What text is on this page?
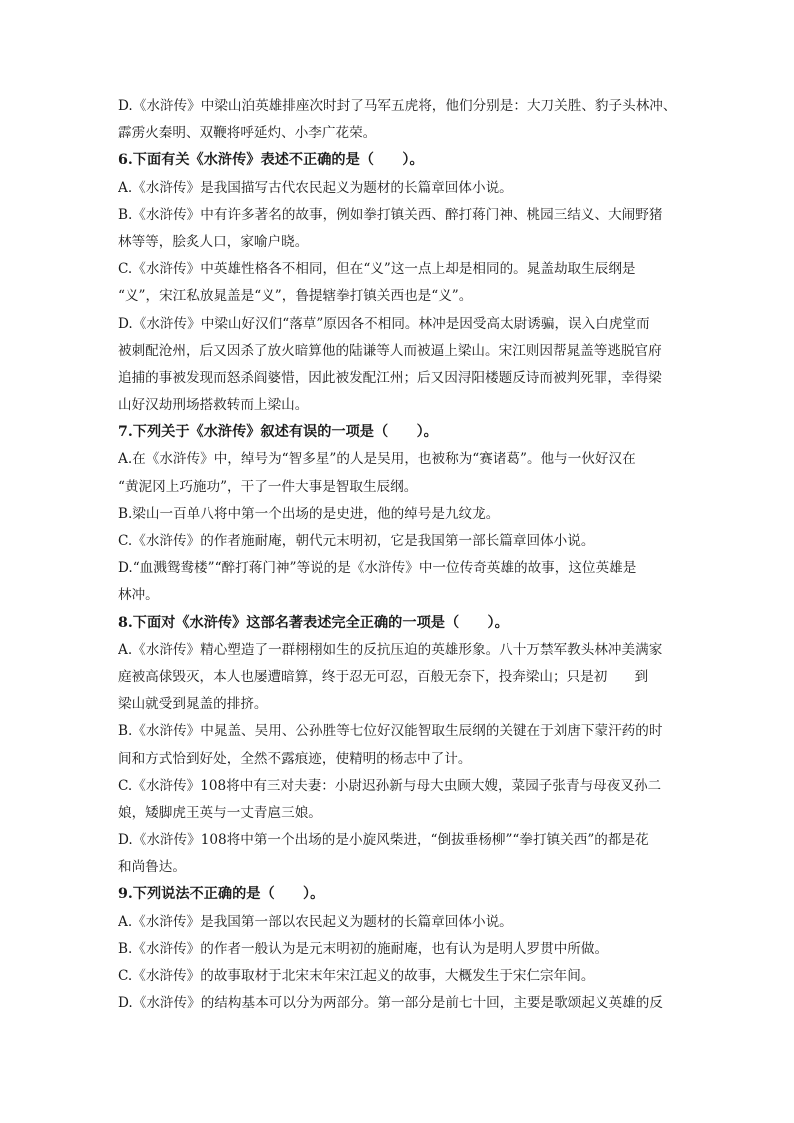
D.《水浒传》中梁山泊英雄排座次时封了马军五虎将，他们分别是：大刀关胜、豹子头林冲、
霹雳火秦明、双鞭将呼延灼、小李广花荣。
6.下面有关《水浒传》表述不正确的是（　　）。
A.《水浒传》是我国描写古代农民起义为题材的长篇章回体小说。
B.《水浒传》中有许多著名的故事，例如拳打镇关西、醉打蒋门神、桃园三结义、大闹野猪
林等等，脍炙人口，家喻户晓。
C.《水浒传》中英雄性格各不相同，但在“义”这一点上却是相同的。晁盖劫取生辰纲是
“义”，宋江私放晁盖是“义”，鲁提辖拳打镇关西也是“义”。
D.《水浒传》中梁山好汉们“落草”原因各不相同。林冲是因受高太尉诱骗，误入白虎堂而
被刺配沧州，后又因杀了放火暗算他的陆谦等人而被逼上梁山。宋江则因帮晁盖等逃脱官府
追捕的事被发现而怒杀阎婆惜，因此被发配江州；后又因浔阳楼题反诗而被判死罪，幸得梁
山好汉劫刑场搭救转而上梁山。
7.下列关于《水浒传》叙述有误的一项是（　　）。
A.在《水浒传》中，绰号为“智多星”的人是吴用，也被称为“赛诸葛”。他与一伙好汉在
“黄泥冈上巧施功”，干了一件大事是智取生辰纲。
B.梁山一百单八将中第一个出场的是史进，他的绰号是九纹龙。
C.《水浒传》的作者施耐庵，朝代元末明初，它是我国第一部长篇章回体小说。
D.“血溅鸳鸯楼”“醉打蒋门神”等说的是《水浒传》中一位传奇英雄的故事，这位英雄是
林冲。
8.下面对《水浒传》这部名著表述完全正确的一项是（　　）。
A.《水浒传》精心塑造了一群栩栩如生的反抗压迫的英雄形象。八十万禁军教头林冲美满家
庭被高俅毁灭，本人也屡遭暗算，终于忍无可忍，百般无奈下，投奔梁山；只是初　　到
梁山就受到晁盖的排挤。
B.《水浒传》中晁盖、吴用、公孙胜等七位好汉能智取生辰纲的关键在于刘唐下蒙汗药的时
间和方式恰到好处，全然不露痕迹，使精明的杨志中了计。
C.《水浒传》108将中有三对夫妻：小尉迟孙新与母大虫顾大嫂，菜园子张青与母夜叉孙二
娘，矮脚虎王英与一丈青扈三娘。
D.《水浒传》108将中第一个出场的是小旋风柴进，“倒拔垂杨柳”“拳打镇关西”的都是花
和尚鲁达。
9.下列说法不正确的是（　　）。
A.《水浒传》是我国第一部以农民起义为题材的长篇章回体小说。
B.《水浒传》的作者一般认为是元末明初的施耐庵，也有认为是明人罗贯中所做。
C.《水浒传》的故事取材于北宋末年宋江起义的故事，大概发生于宋仁宗年间。
D.《水浒传》的结构基本可以分为两部分。第一部分是前七十回，主要是歌颂起义英雄的反
